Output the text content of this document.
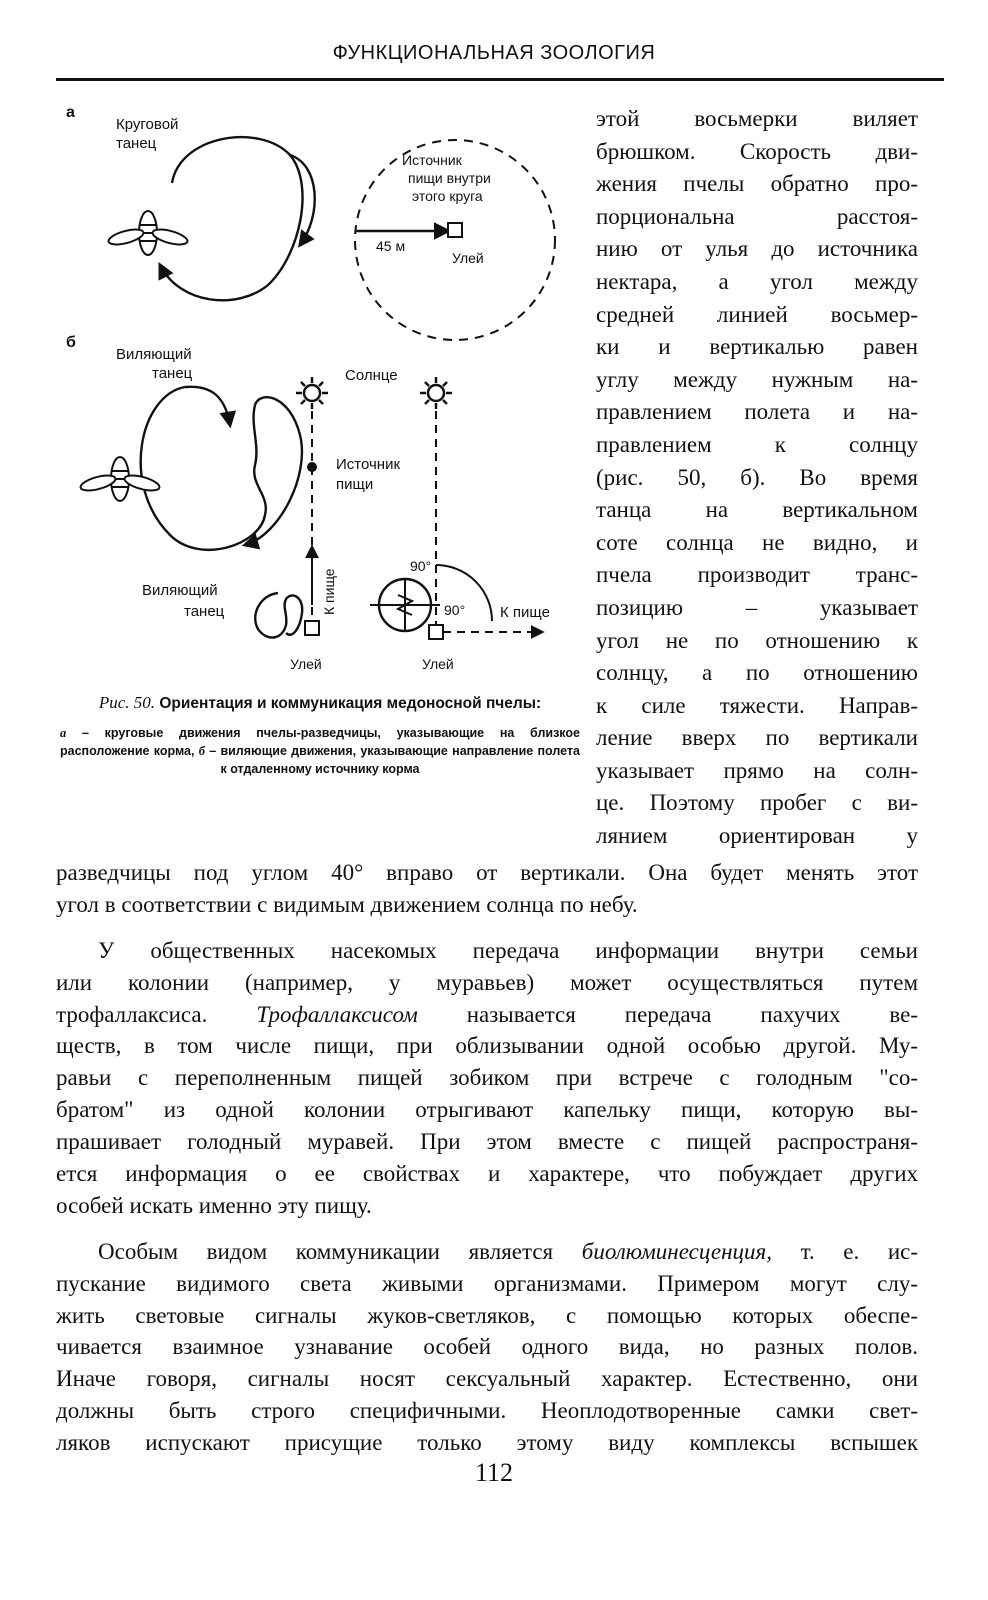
ФУНКЦИОНАЛЬНАЯ ЗООЛОГИЯ
а
Круговой
танец
Источник
пищи внутри
этого круга
45 м
Улей
б
Виляющий
танец	Солнце
Источник
пищи
К пище
Улей
Виляющий
танец
90°
90° К пище
Улей
Рис. 50. Ориентация и коммуникация медоносной пчелы:
а – круговые движения пчелы-разведчицы, указывающие на близкое расположение корма, б – виляющие движения, указывающие направление полета к отдаленному источнику корма
этой восьмерки виляет
брюшком. Скорость дви-
жения пчелы обратно про-
порциональна расстоя-
нию от улья до источника
нектара, а угол между
средней линией восьмер-
ки и вертикалью равен
углу между нужным на-
правлением полета и на-
правлением к солнцу
(рис. 50, б). Во время
танца на вертикальном
соте солнца не видно, и
пчела производит транс-
позицию – указывает
угол не по отношению к
солнцу, а по отношению
к силе тяжести. Направ-
ление вверх по вертикали
указывает прямо на солн-
це. Поэтому пробег с ви-
лянием ориентирован у
разведчицы под углом 40° вправо от вертикали. Она будет менять этот
угол в соответствии с видимым движением солнца по небу.
У общественных насекомых передача информации внутри семьи
или колонии (например, у муравьев) может осуществляться путем
трофаллаксиса. Трофаллаксисом называется передача пахучих ве-
ществ, в том числе пищи, при облизывании одной особью другой. Му-
равьи с переполненным пищей зобиком при встрече с голодным "со-
братом" из одной колонии отрыгивают капельку пищи, которую вы-
прашивает голодный муравей. При этом вместе с пищей распространя-
ется информация о ее свойствах и характере, что побуждает других
особей искать именно эту пищу.
Особым видом коммуникации является биолюминесценция, т. е. ис-
пускание видимого света живыми организмами. Примером могут слу-
жить световые сигналы жуков-светляков, с помощью которых обеспе-
чивается взаимное узнавание особей одного вида, но разных полов.
Иначе говоря, сигналы носят сексуальный характер. Естественно, они
должны быть строго специфичными. Неоплодотворенные самки свет-
ляков испускают присущие только этому виду комплексы вспышек
112
